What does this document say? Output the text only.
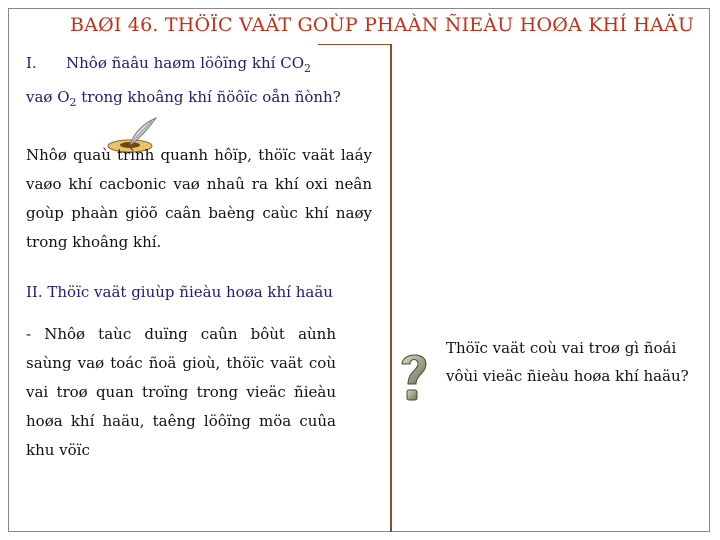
BAØI 46. THÖÏC VAÄT GOÙP PHAÀN ÑIEÀU HOØA KHÍ HAÄU
I. Nhôø ñaâu haøm löôïng khí $CO_2$
vaø $O_2$ trong khoâng khí ñöôïc oån ñònh?
Nhôø quaù trình quanh hôïp, thöïc vaät laáy vaøo khí cacbonic vaø nhaû ra khí oxi neân goùp phaàn giöõ caân baèng caùc khí naøy trong khoâng khí.
II. Thöïc vaät giuùp ñieàu hoøa khí haäu
- Nhôø taùc duïng caûn bôùt aùnh saùng vaø toác ñoä gioù, thöïc vaät coù vai troø quan troïng trong vieäc ñieàu hoøa khí haäu, taêng löôïng möa cuûa khu vöïc
Thöïc vaät coù vai troø gì ñoái vôùi vieäc ñieàu hoøa khí haäu?
